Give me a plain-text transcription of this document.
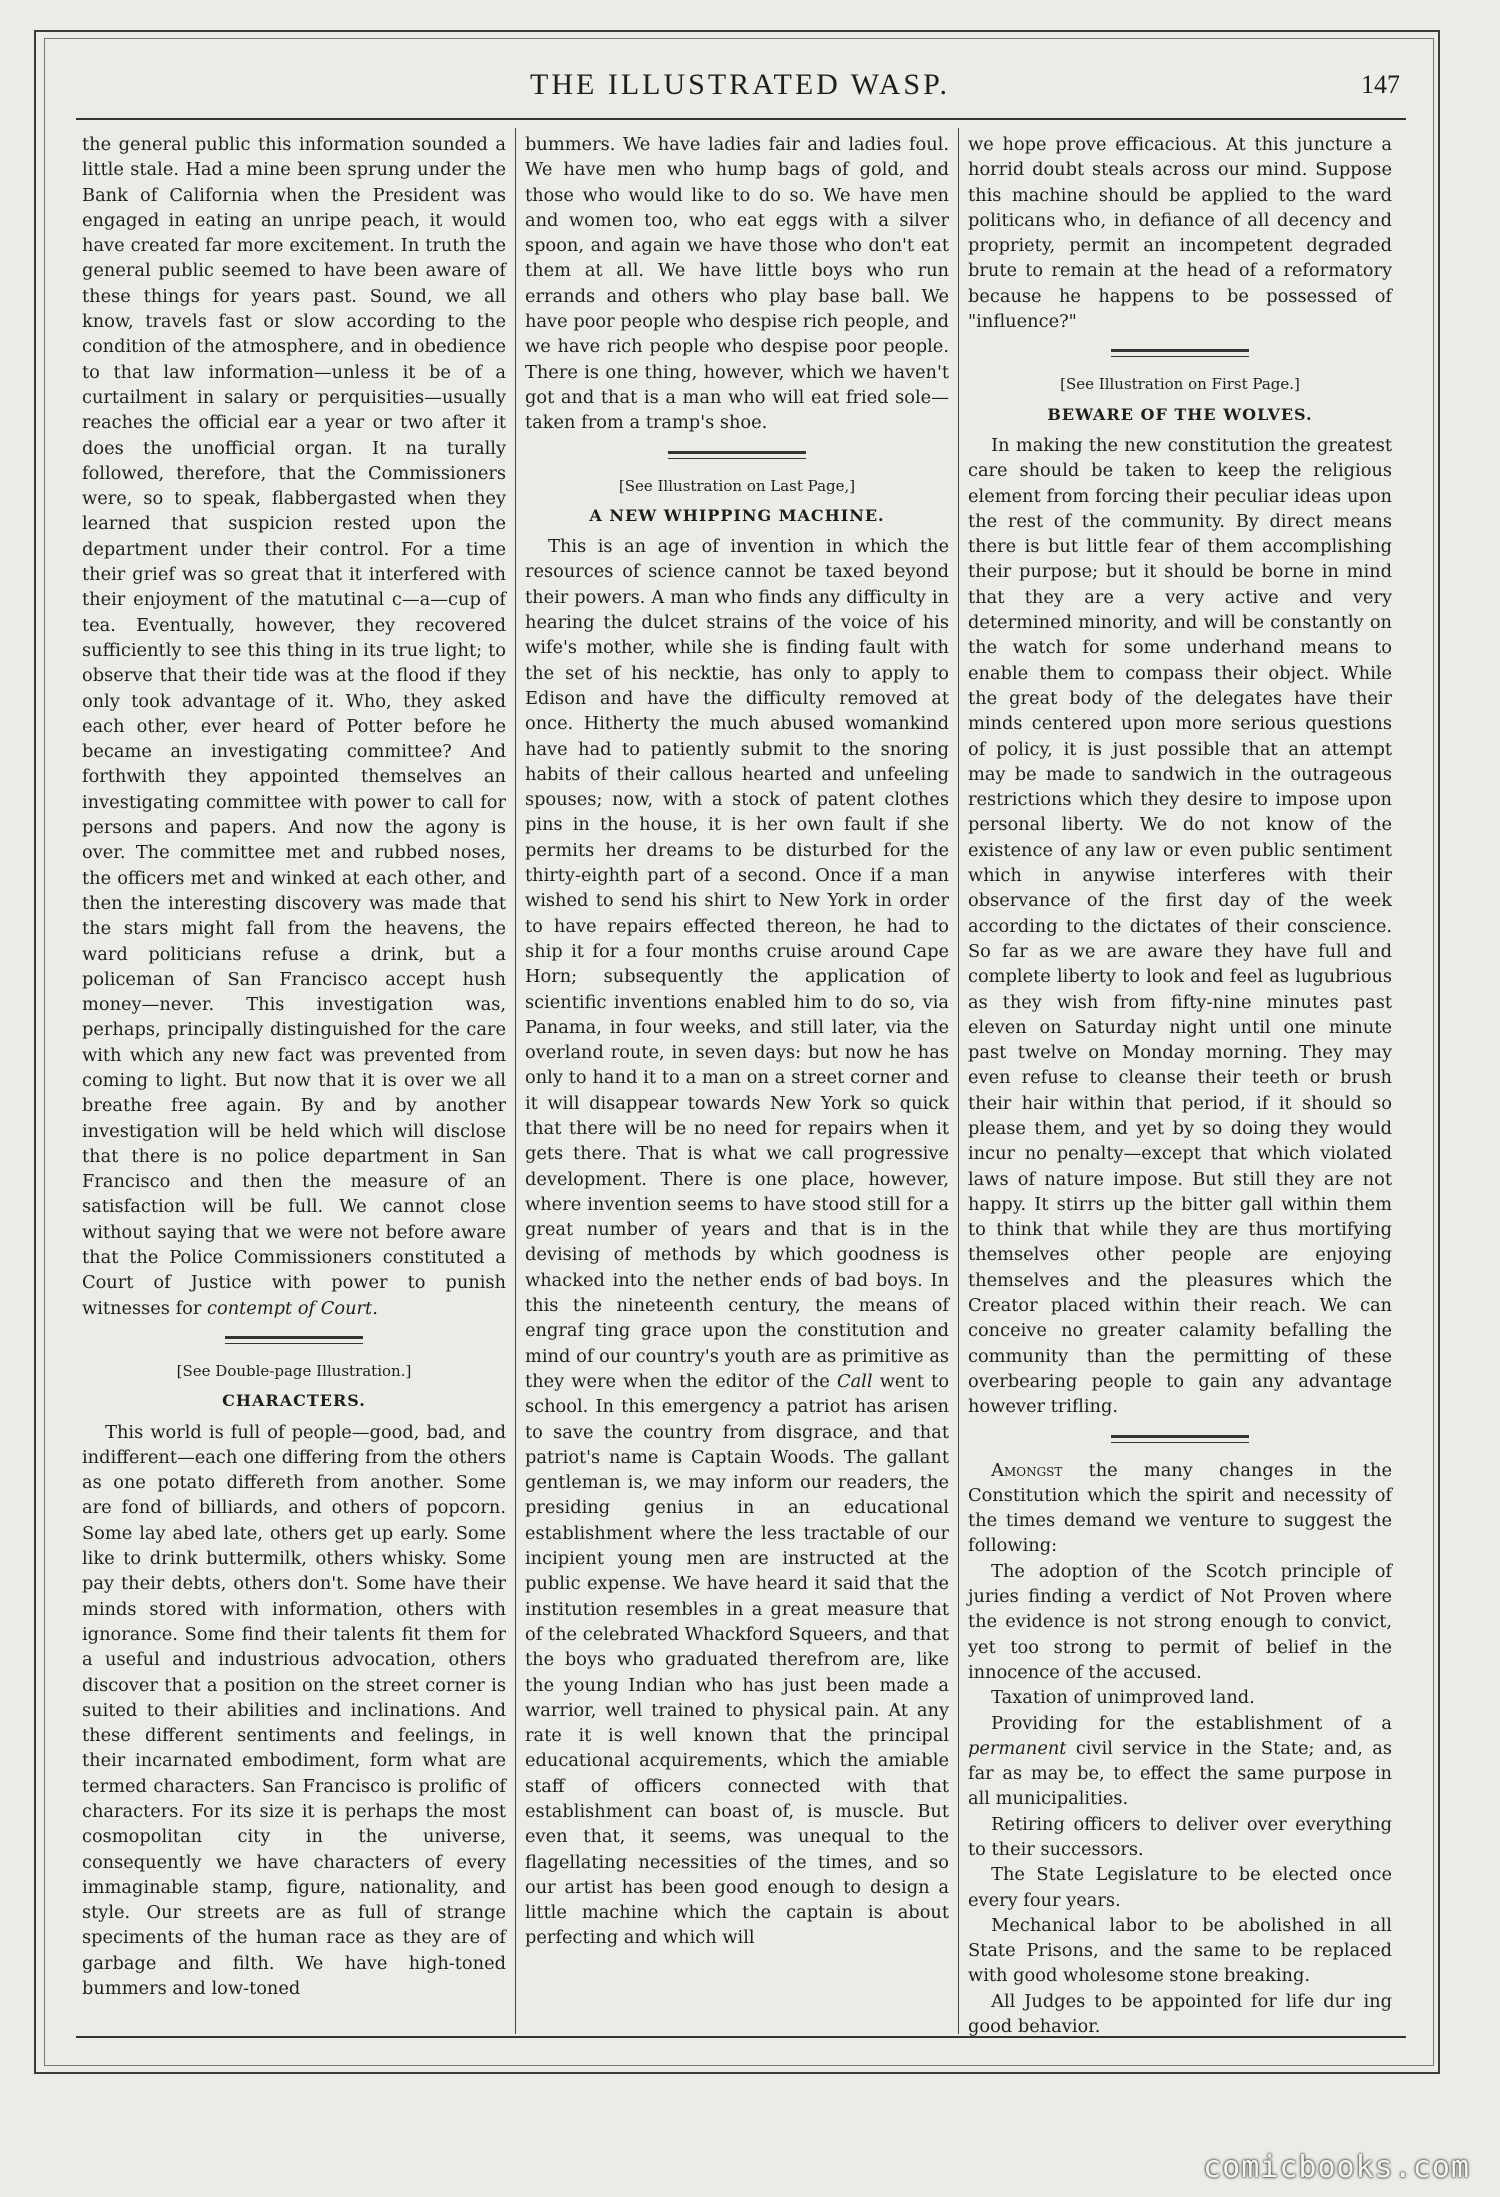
THE ILLUSTRATED WASP.	147

the general public this information sounded a little stale. Had a mine been sprung under the Bank of California when the President was engaged in eating an unripe peach, it would have created far more excitement. In truth the general public seemed to have been aware of these things for years past. Sound, we all know, travels fast or slow according to the condition of the atmosphere, and in obedience to that law information—unless it be of a curtailment in salary or perquisities—usually reaches the official ear a year or two after it does the unofficial organ. It na turally followed, therefore, that the Commissioners were, so to speak, flabbergasted when they learned that suspicion rested upon the department under their control. For a time their grief was so great that it interfered with their enjoyment of the matutinal c—a—cup of tea. Eventually, however, they recovered sufficiently to see this thing in its true light; to observe that their tide was at the flood if they only took advantage of it. Who, they asked each other, ever heard of Potter before he became an investigating committee? And forthwith they appointed themselves an investigating committee with power to call for persons and papers. And now the agony is over. The committee met and rubbed noses, the officers met and winked at each other, and then the interesting discovery was made that the stars might fall from the heavens, the ward politicians refuse a drink, but a policeman of San Francisco accept hush money—never. This investigation was, perhaps, principally distinguished for the care with which any new fact was prevented from coming to light. But now that it is over we all breathe free again. By and by another investigation will be held which will disclose that there is no police department in San Francisco and then the measure of an satisfaction will be full. We cannot close without saying that we were not before aware that the Police Commissioners constituted a Court of Justice with power to punish witnesses for contempt of Court.

[See Double-page Illustration.]
CHARACTERS.

This world is full of people—good, bad, and indifferent—each one differing from the others as one potato differeth from another. Some are fond of billiards, and others of popcorn. Some lay abed late, others get up early. Some like to drink buttermilk, others whisky. Some pay their debts, others don't. Some have their minds stored with information, others with ignorance. Some find their talents fit them for a useful and industrious advocation, others discover that a position on the street corner is suited to their abilities and inclinations. And these different sentiments and feelings, in their incarnated embodiment, form what are termed characters. San Francisco is prolific of characters. For its size it is perhaps the most cosmopolitan city in the universe, consequently we have characters of every immaginable stamp, figure, nationality, and style. Our streets are as full of strange speciments of the human race as they are of garbage and filth. We have high-toned bummers and low-toned

bummers. We have ladies fair and ladies foul. We have men who hump bags of gold, and those who would like to do so. We have men and women too, who eat eggs with a silver spoon, and again we have those who don't eat them at all. We have little boys who run errands and others who play base ball. We have poor people who despise rich people, and we have rich people who despise poor people. There is one thing, however, which we haven't got and that is a man who will eat fried sole—taken from a tramp's shoe.

[See Illustration on Last Page,]
A NEW WHIPPING MACHINE.

This is an age of invention in which the resources of science cannot be taxed beyond their powers. A man who finds any difficulty in hearing the dulcet strains of the voice of his wife's mother, while she is finding fault with the set of his necktie, has only to apply to Edison and have the difficulty removed at once. Hitherty the much abused womankind have had to patiently submit to the snoring habits of their callous hearted and unfeeling spouses; now, with a stock of patent clothes pins in the house, it is her own fault if she permits her dreams to be disturbed for the thirty-eighth part of a second. Once if a man wished to send his shirt to New York in order to have repairs effected thereon, he had to ship it for a four months cruise around Cape Horn; subsequently the application of scientific inventions enabled him to do so, via Panama, in four weeks, and still later, via the overland route, in seven days: but now he has only to hand it to a man on a street corner and it will disappear towards New York so quick that there will be no need for repairs when it gets there. That is what we call progressive development. There is one place, however, where invention seems to have stood still for a great number of years and that is in the devising of methods by which goodness is whacked into the nether ends of bad boys. In this the nineteenth century, the means of engraf ting grace upon the constitution and mind of our country's youth are as primitive as they were when the editor of the Call went to school. In this emergency a patriot has arisen to save the country from disgrace, and that patriot's name is Captain Woods. The gallant gentleman is, we may inform our readers, the presiding genius in an educational establishment where the less tractable of our incipient young men are instructed at the public expense. We have heard it said that the institution resembles in a great measure that of the celebrated Whackford Squeers, and that the boys who graduated therefrom are, like the young Indian who has just been made a warrior, well trained to physical pain. At any rate it is well known that the principal educational acquirements, which the amiable staff of officers connected with that establishment can boast of, is muscle. But even that, it seems, was unequal to the flagellating necessities of the times, and so our artist has been good enough to design a little machine which the captain is about perfecting and which will

we hope prove efficacious. At this juncture a horrid doubt steals across our mind. Suppose this machine should be applied to the ward politicans who, in defiance of all decency and propriety, permit an incompetent degraded brute to remain at the head of a reformatory because he happens to be possessed of "influence?"

[See Illustration on First Page.]
BEWARE OF THE WOLVES.

In making the new constitution the greatest care should be taken to keep the religious element from forcing their peculiar ideas upon the rest of the community. By direct means there is but little fear of them accomplishing their purpose; but it should be borne in mind that they are a very active and very determined minority, and will be constantly on the watch for some underhand means to enable them to compass their object. While the great body of the delegates have their minds centered upon more serious questions of policy, it is just possible that an attempt may be made to sandwich in the outrageous restrictions which they desire to impose upon personal liberty. We do not know of the existence of any law or even public sentiment which in anywise interferes with their observance of the first day of the week according to the dictates of their conscience. So far as we are aware they have full and complete liberty to look and feel as lugubrious as they wish from fifty-nine minutes past eleven on Saturday night until one minute past twelve on Monday morning. They may even refuse to cleanse their teeth or brush their hair within that period, if it should so please them, and yet by so doing they would incur no penalty—except that which violated laws of nature impose. But still they are not happy. It stirrs up the bitter gall within them to think that while they are thus mortifying themselves other people are enjoying themselves and the pleasures which the Creator placed within their reach. We can conceive no greater calamity befalling the community than the permitting of these overbearing people to gain any advantage however trifling.

Amongst the many changes in the Constitution which the spirit and necessity of the times demand we venture to suggest the following:

The adoption of the Scotch principle of juries finding a verdict of Not Proven where the evidence is not strong enough to convict, yet too strong to permit of belief in the innocence of the accused.

Taxation of unimproved land.

Providing for the establishment of a permanent civil service in the State; and, as far as may be, to effect the same purpose in all municipalities.

Retiring officers to deliver over everything to their successors.

The State Legislature to be elected once every four years.

Mechanical labor to be abolished in all State Prisons, and the same to be replaced with good wholesome stone breaking.

All Judges to be appointed for life dur ing good behavior.

comicbooks.com
